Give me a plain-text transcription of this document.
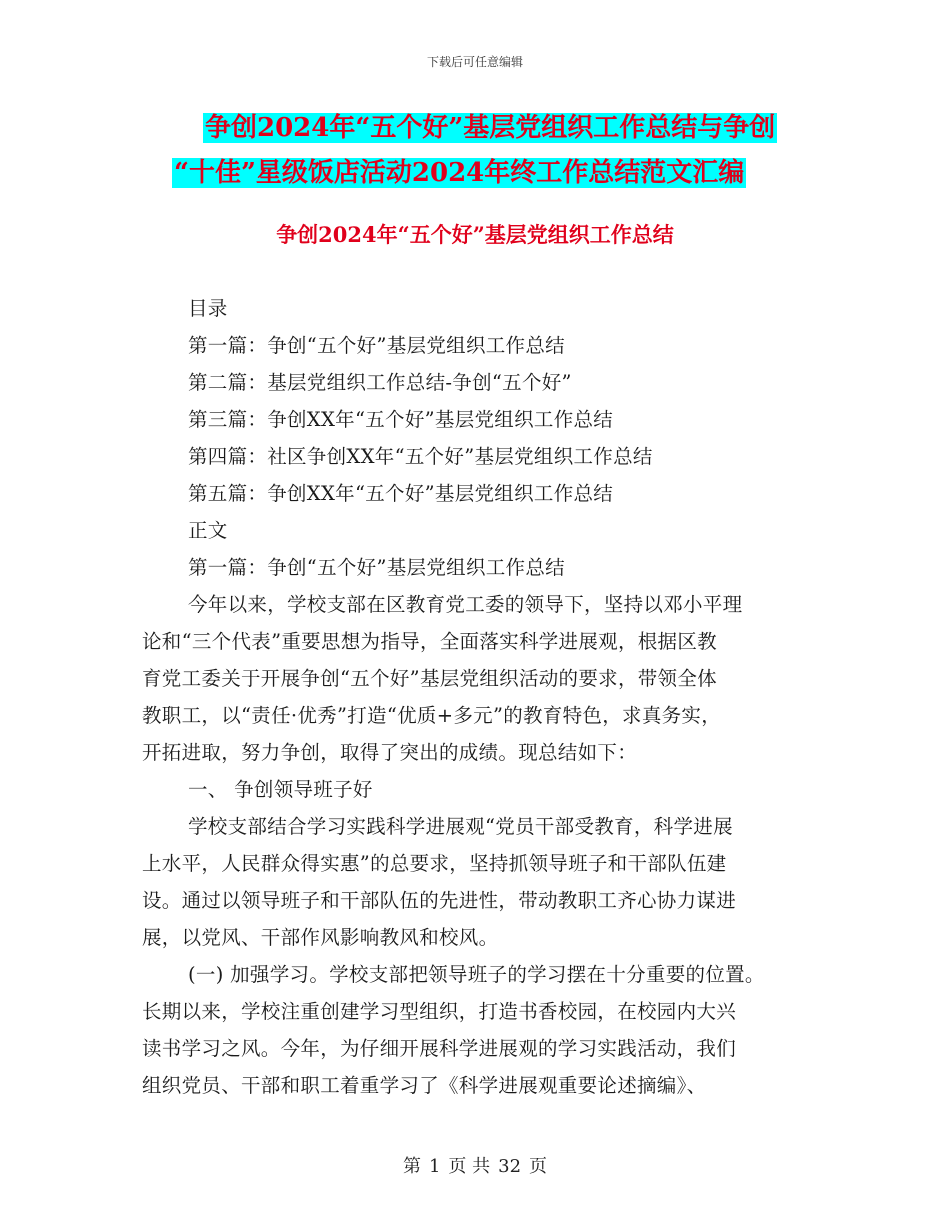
下载后可任意编辑
争创2024年“五个好”基层党组织工作总结与争创
“十佳”星级饭店活动2024年终工作总结范文汇编
争创2024年“五个好”基层党组织工作总结
目录
第一篇：争创“五个好”基层党组织工作总结
第二篇：基层党组织工作总结-争创“五个好”
第三篇：争创XX年“五个好”基层党组织工作总结
第四篇：社区争创XX年“五个好”基层党组织工作总结
第五篇：争创XX年“五个好”基层党组织工作总结
正文
第一篇：争创“五个好”基层党组织工作总结
今年以来，学校支部在区教育党工委的领导下，坚持以邓小平理
论和“三个代表”重要思想为指导，全面落实科学进展观，根据区教
育党工委关于开展争创“五个好”基层党组织活动的要求，带领全体
教职工，以“责任·优秀”打造“优质+多元”的教育特色，求真务实，
开拓进取，努力争创，取得了突出的成绩。现总结如下：
一、 争创领导班子好
学校支部结合学习实践科学进展观“党员干部受教育，科学进展
上水平，人民群众得实惠”的总要求，坚持抓领导班子和干部队伍建
设。通过以领导班子和干部队伍的先进性，带动教职工齐心协力谋进
展，以党风、干部作风影响教风和校风。
(一) 加强学习。学校支部把领导班子的学习摆在十分重要的位置。
长期以来，学校注重创建学习型组织，打造书香校园，在校园内大兴
读书学习之风。今年，为仔细开展科学进展观的学习实践活动，我们
组织党员、干部和职工着重学习了《科学进展观重要论述摘编》、
第 1 页 共 32 页
